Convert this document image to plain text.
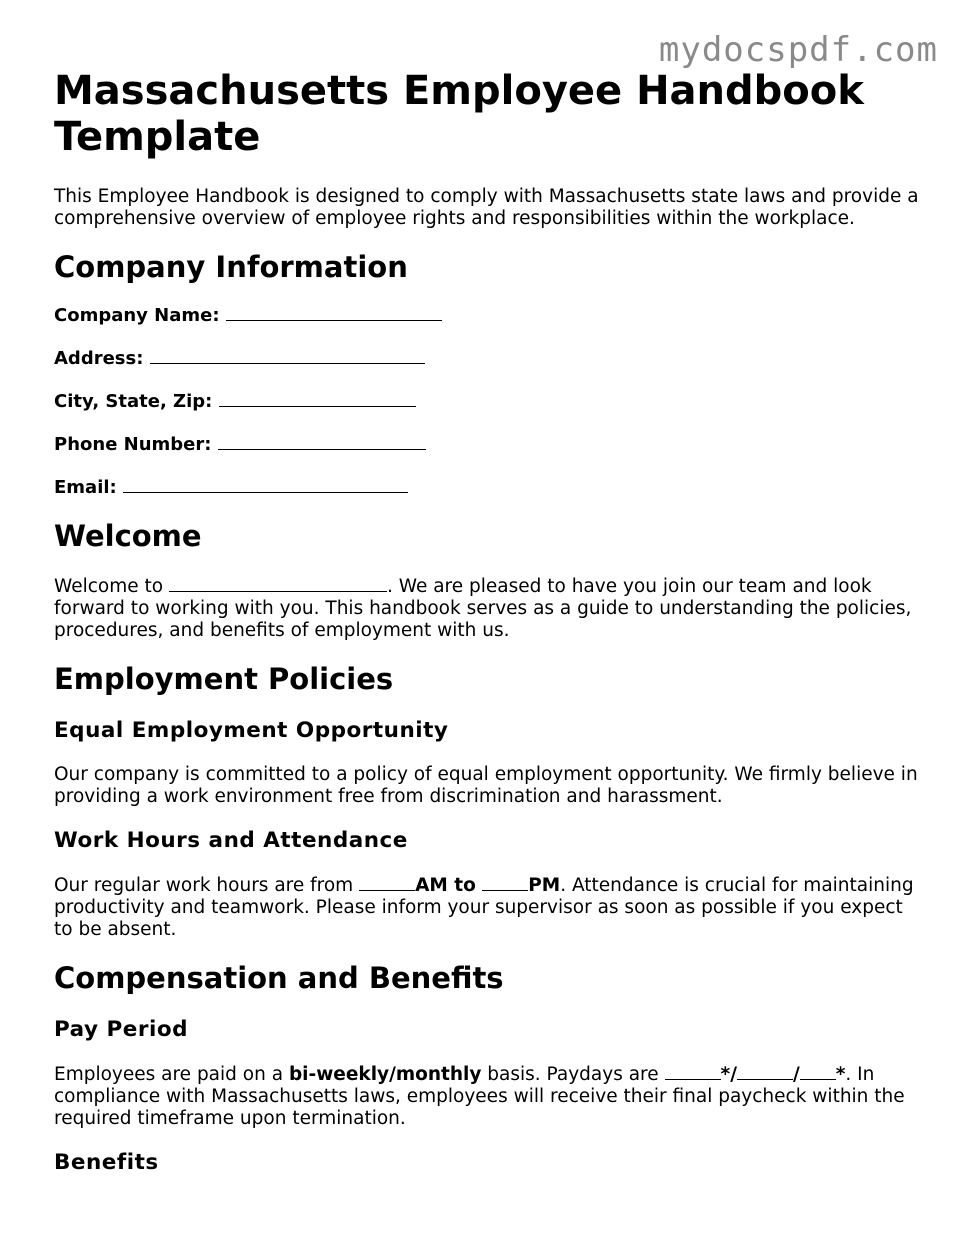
mydocspdf.com
Massachusetts Employee Handbook Template

This Employee Handbook is designed to comply with Massachusetts state laws and provide a comprehensive overview of employee rights and responsibilities within the workplace.

Company Information

Company Name:

Address:

City, State, Zip:

Phone Number:

Email:

Welcome

Welcome to	. We are pleased to have you join our team and look forward to working with you. This handbook serves as a guide to understanding the policies, procedures, and benefits of employment with us.

Employment Policies
Equal Employment Opportunity

Our company is committed to a policy of equal employment opportunity. We firmly believe in providing a work environment free from discrimination and harassment.

Work Hours and Attendance

Our regular work hours are from	AM to PM. Attendance is crucial for maintaining productivity and teamwork. Please inform your supervisor as soon as possible if you expect to be absent.

Compensation and Benefits
Pay Period

Employees are paid on a bi-weekly/monthly basis. Paydays are	*/	/ *. In compliance with Massachusetts laws, employees will receive their final paycheck within the required timeframe upon termination.

Benefits
